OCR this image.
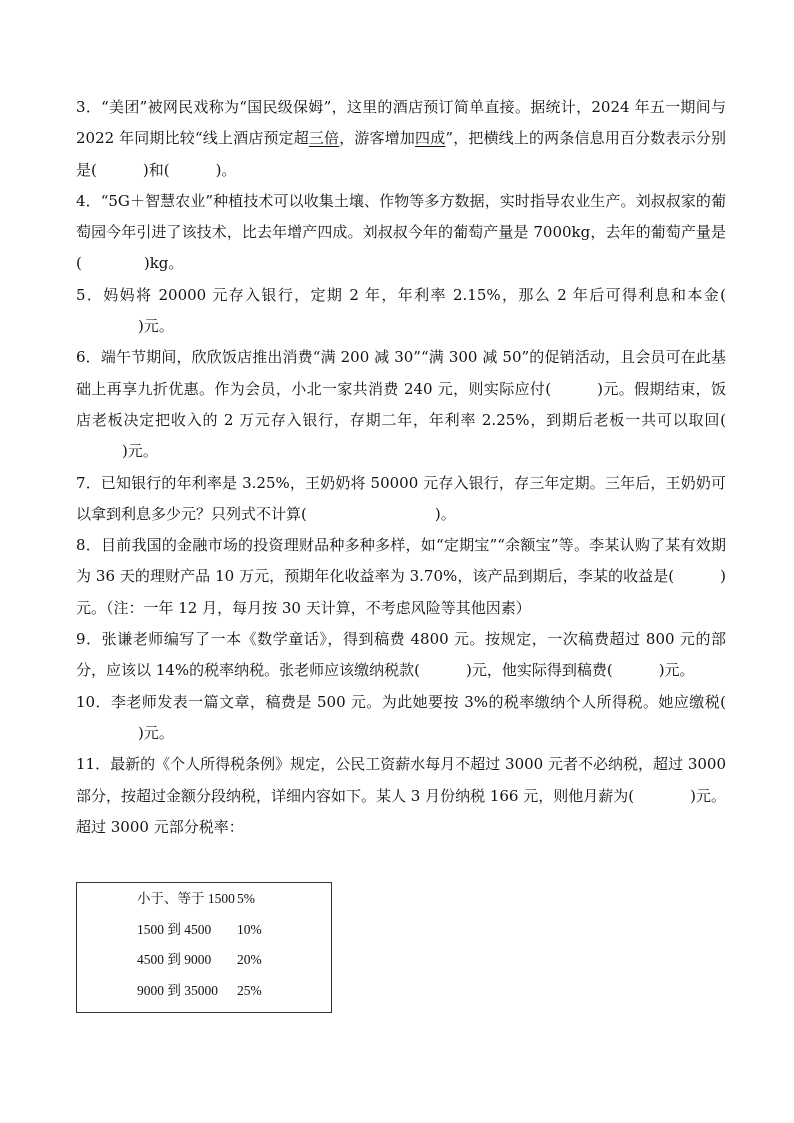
3．“美团”被网民戏称为“国民级保姆”，这里的酒店预订简单直接。据统计，2024 年五一期间与 2022 年同期比较“线上酒店预定超三倍，游客增加四成”，把横线上的两条信息用百分数表示分别是(	)和(	)。

4．“5G＋智慧农业”种植技术可以收集土壤、作物等多方数据，实时指导农业生产。刘叔叔家的葡萄园今年引进了该技术，比去年增产四成。刘叔叔今年的葡萄产量是 7000kg，去年的葡萄产量是(	)kg。

5．妈妈将 20000 元存入银行，定期 2 年，年利率 2.15%，那么 2 年后可得利息和本金()元。

6．端午节期间，欣欣饭店推出消费“满 200 减 30”“满 300 减 50”的促销活动，且会员可在此基础上再享九折优惠。作为会员，小北一家共消费 240 元，则实际应付(	)元。假期结束，饭店老板决定把收入的 2 万元存入银行，存期二年，年利率 2.25%，到期后老板一共可以取回()元。

7．已知银行的年利率是 3.25%，王奶奶将 50000 元存入银行，存三年定期。三年后，王奶奶可以拿到利息多少元？只列式不计算(	)。

8．目前我国的金融市场的投资理财品种多种多样，如“定期宝”“余额宝”等。李某认购了某有效期为 36 天的理财产品 10 万元，预期年化收益率为 3.70%，该产品到期后，李某的收益是(	)元。（注：一年 12 月，每月按 30 天计算，不考虑风险等其他因素）

9．张谦老师编写了一本《数学童话》，得到稿费 4800 元。按规定，一次稿费超过 800 元的部分，应该以 14%的税率纳税。张老师应该缴纳税款(	)元，他实际得到稿费(	)元。

10．李老师发表一篇文章，稿费是 500 元。为此她要按 3%的税率缴纳个人所得税。她应缴税()元。

11．最新的《个人所得税条例》规定，公民工资薪水每月不超过 3000 元者不必纳税，超过 3000 部分，按超过金额分段纳税，详细内容如下。某人 3 月份纳税 166 元，则他月薪为(	)元。

超过 3000 元部分税率：

小于、等于 1500 5%
1500 到 4500	10%
4500 到 9000	20%
9000 到 35000	25%
